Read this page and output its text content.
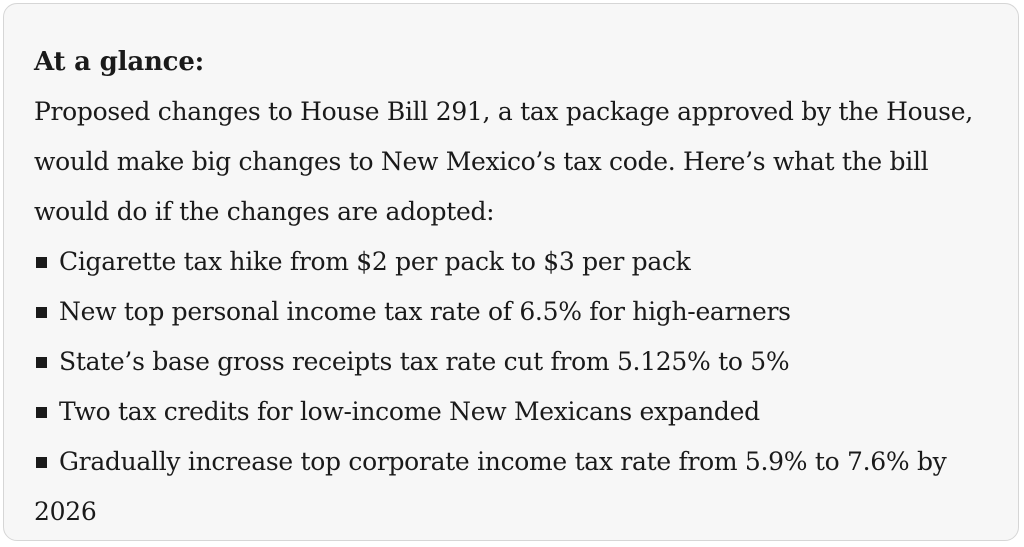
At a glance:

Proposed changes to House Bill 291, a tax package approved by the House, would make big changes to New Mexico’s tax code. Here’s what the bill would do if the changes are adopted:

Cigarette tax hike from $2 per pack to $3 per pack
New top personal income tax rate of 6.5% for high-earners
State’s base gross receipts tax rate cut from 5.125% to 5%
Two tax credits for low-income New Mexicans expanded
Gradually increase top corporate income tax rate from 5.9% to 7.6% by 2026
